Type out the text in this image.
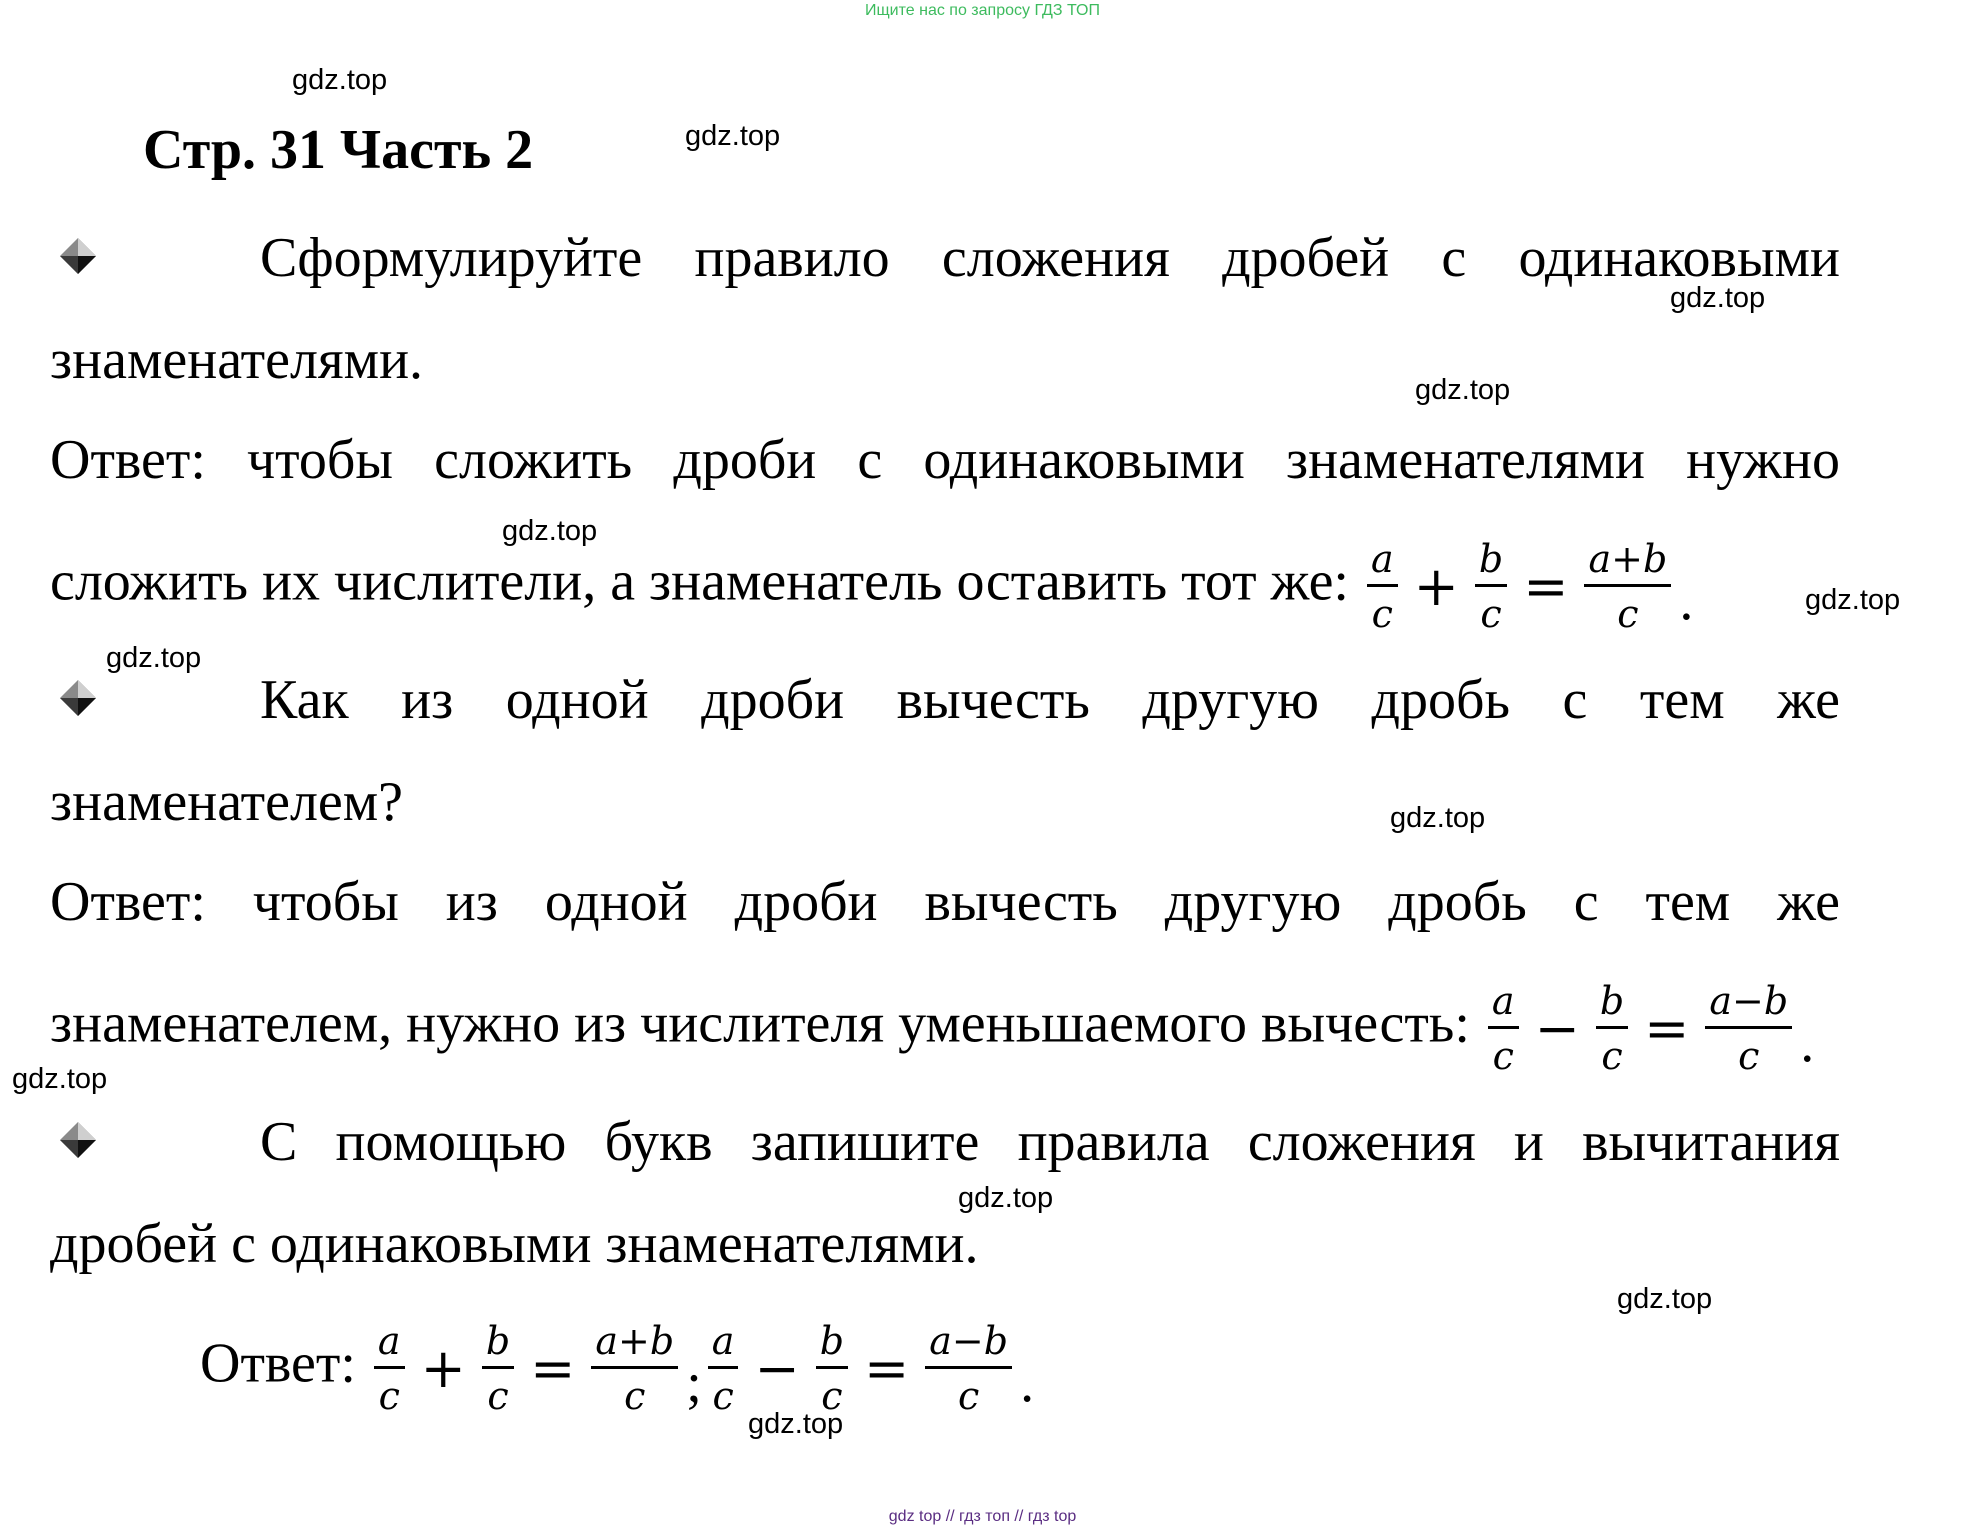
Ищите нас по запросу ГДЗ ТОП
gdz.top
gdz.top
gdz.top
gdz.top
gdz.top
gdz.top
gdz.top
gdz.top
gdz.top
gdz.top
gdz.top
gdz.top
Стр. 31 Часть 2
Сформулируйте правило сложения дробей с одинаковыми
знаменателями.
Ответ: чтобы сложить дроби с одинаковыми знаменателями нужно
сложить их числители, а знаменатель оставить тот же: $\frac{a}{c} + \frac{b}{c} = \frac{a+b}{c}$ .
Как из одной дроби вычесть другую дробь с тем же
знаменателем?
Ответ: чтобы из одной дроби вычесть другую дробь с тем же
знаменателем, нужно из числителя уменьшаемого вычесть: $\frac{a}{c} - \frac{b}{c} = \frac{a-b}{c}$ .
С помощью букв запишите правила сложения и вычитания
дробей с одинаковыми знаменателями.
Ответ: $\frac{a}{c} + \frac{b}{c} = \frac{a+b}{c}$ ; $\frac{a}{c} - \frac{b}{c} = \frac{a-b}{c}$ .
gdz top // гдз топ // гдз top
